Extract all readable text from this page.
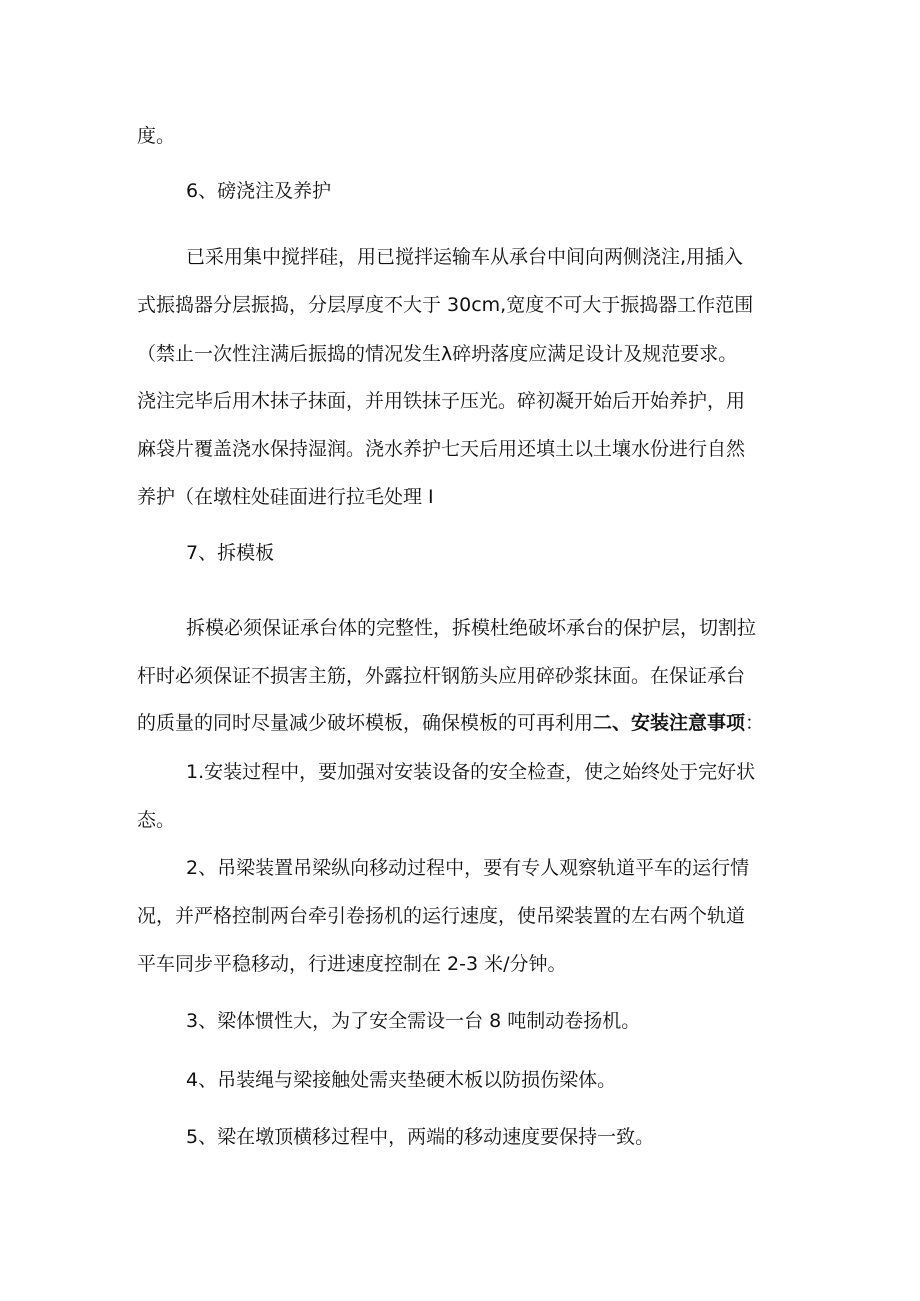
度。
6、磅浇注及养护
已采用集中搅拌硅，用已搅拌运输车从承台中间向两侧浇注,用插入
式振捣器分层振捣，分层厚度不大于 30cm,宽度不可大于振捣器工作范围
（禁止一次性注满后振捣的情况发生λ碎坍落度应满足设计及规范要求。
浇注完毕后用木抹子抹面，并用铁抹子压光。碎初凝开始后开始养护，用
麻袋片覆盖浇水保持湿润。浇水养护七天后用还填土以土壤水份进行自然
养护（在墩柱处硅面进行拉毛处理 I
7、拆模板
拆模必须保证承台体的完整性，拆模杜绝破坏承台的保护层，切割拉
杆时必须保证不损害主筋，外露拉杆钢筋头应用碎砂浆抹面。在保证承台
的质量的同时尽量减少破坏模板，确保模板的可再利用二、安装注意事项：
1.安装过程中，要加强对安装设备的安全检查，使之始终处于完好状
态。
2、吊梁装置吊梁纵向移动过程中，要有专人观察轨道平车的运行情
况，并严格控制两台牵引卷扬机的运行速度，使吊梁装置的左右两个轨道
平车同步平稳移动，行进速度控制在 2-3 米/分钟。
3、梁体惯性大，为了安全需设一台 8 吨制动卷扬机。
4、吊装绳与梁接触处需夹垫硬木板以防损伤梁体。
5、梁在墩顶横移过程中，两端的移动速度要保持一致。
